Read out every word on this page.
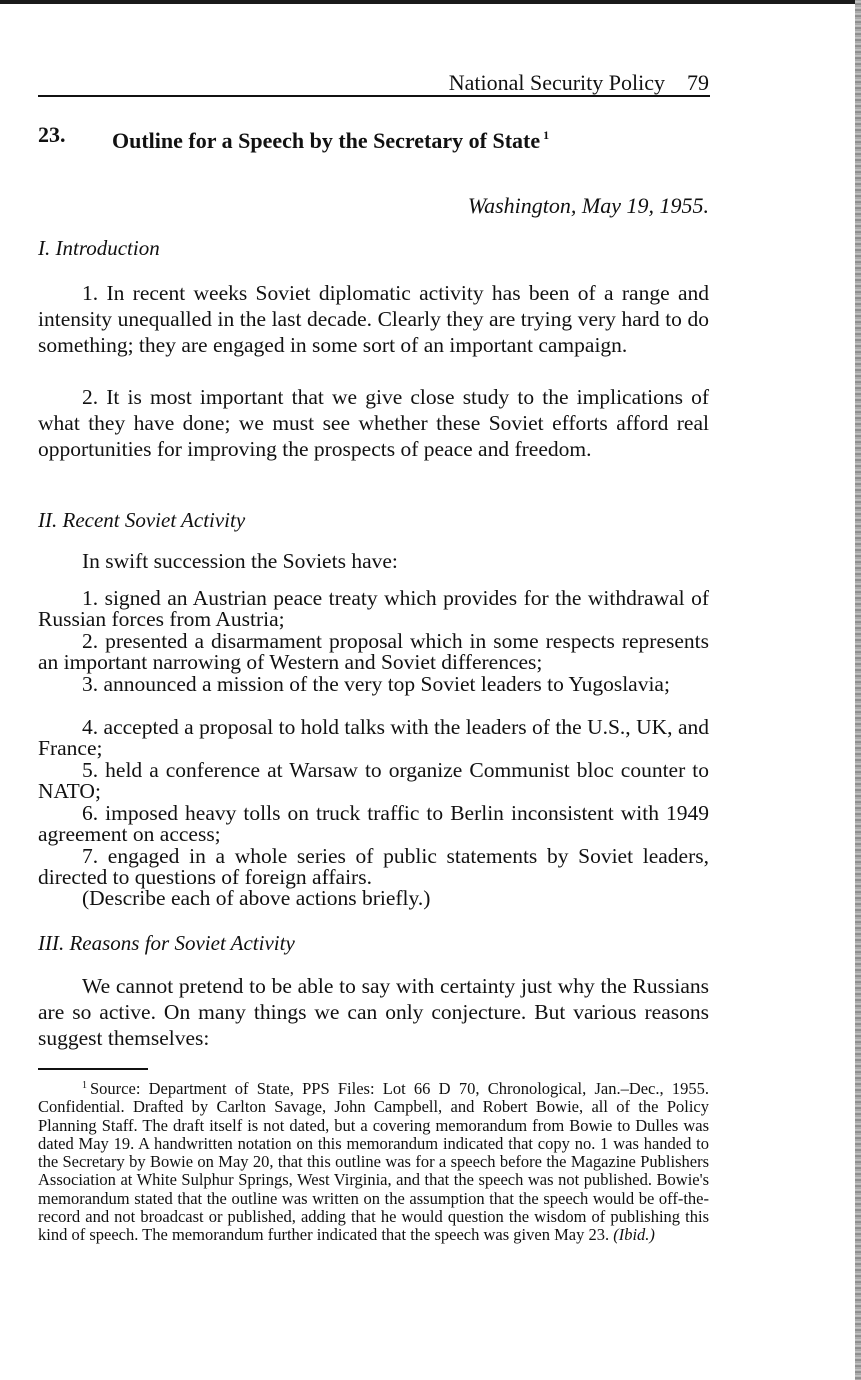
National Security Policy 79
23. Outline for a Speech by the Secretary of State $^1$
Washington, May 19, 1955.
I. Introduction

1. In recent weeks Soviet diplomatic activity has been of a range and intensity unequalled in the last decade. Clearly they are trying very hard to do something; they are engaged in some sort of an important campaign.

2. It is most important that we give close study to the implications of what they have done; we must see whether these Soviet efforts afford real opportunities for improving the prospects of peace and freedom.

II. Recent Soviet Activity

In swift succession the Soviets have:

1. signed an Austrian peace treaty which provides for the withdrawal of Russian forces from Austria;

2. presented a disarmament proposal which in some respects represents an important narrowing of Western and Soviet differences;

3. announced a mission of the very top Soviet leaders to Yugoslavia;

4. accepted a proposal to hold talks with the leaders of the U.S., UK, and France;

5. held a conference at Warsaw to organize Communist bloc counter to NATO;

6. imposed heavy tolls on truck traffic to Berlin inconsistent with 1949 agreement on access;

7. engaged in a whole series of public statements by Soviet leaders, directed to questions of foreign affairs.

(Describe each of above actions briefly.)

III. Reasons for Soviet Activity

We cannot pretend to be able to say with certainty just why the Russians are so active. On many things we can only conjecture. But various reasons suggest themselves:

$^1$ Source: Department of State, PPS Files: Lot 66 D 70, Chronological, Jan.–Dec., 1955. Confidential. Drafted by Carlton Savage, John Campbell, and Robert Bowie, all of the Policy Planning Staff. The draft itself is not dated, but a covering memorandum from Bowie to Dulles was dated May 19. A handwritten notation on this memorandum indicated that copy no. 1 was handed to the Secretary by Bowie on May 20, that this outline was for a speech before the Magazine Publishers Association at White Sulphur Springs, West Virginia, and that the speech was not published. Bowie's memorandum stated that the outline was written on the assumption that the speech would be off-the-record and not broadcast or published, adding that he would question the wisdom of publishing this kind of speech. The memorandum further indicated that the speech was given May 23. (Ibid.)
